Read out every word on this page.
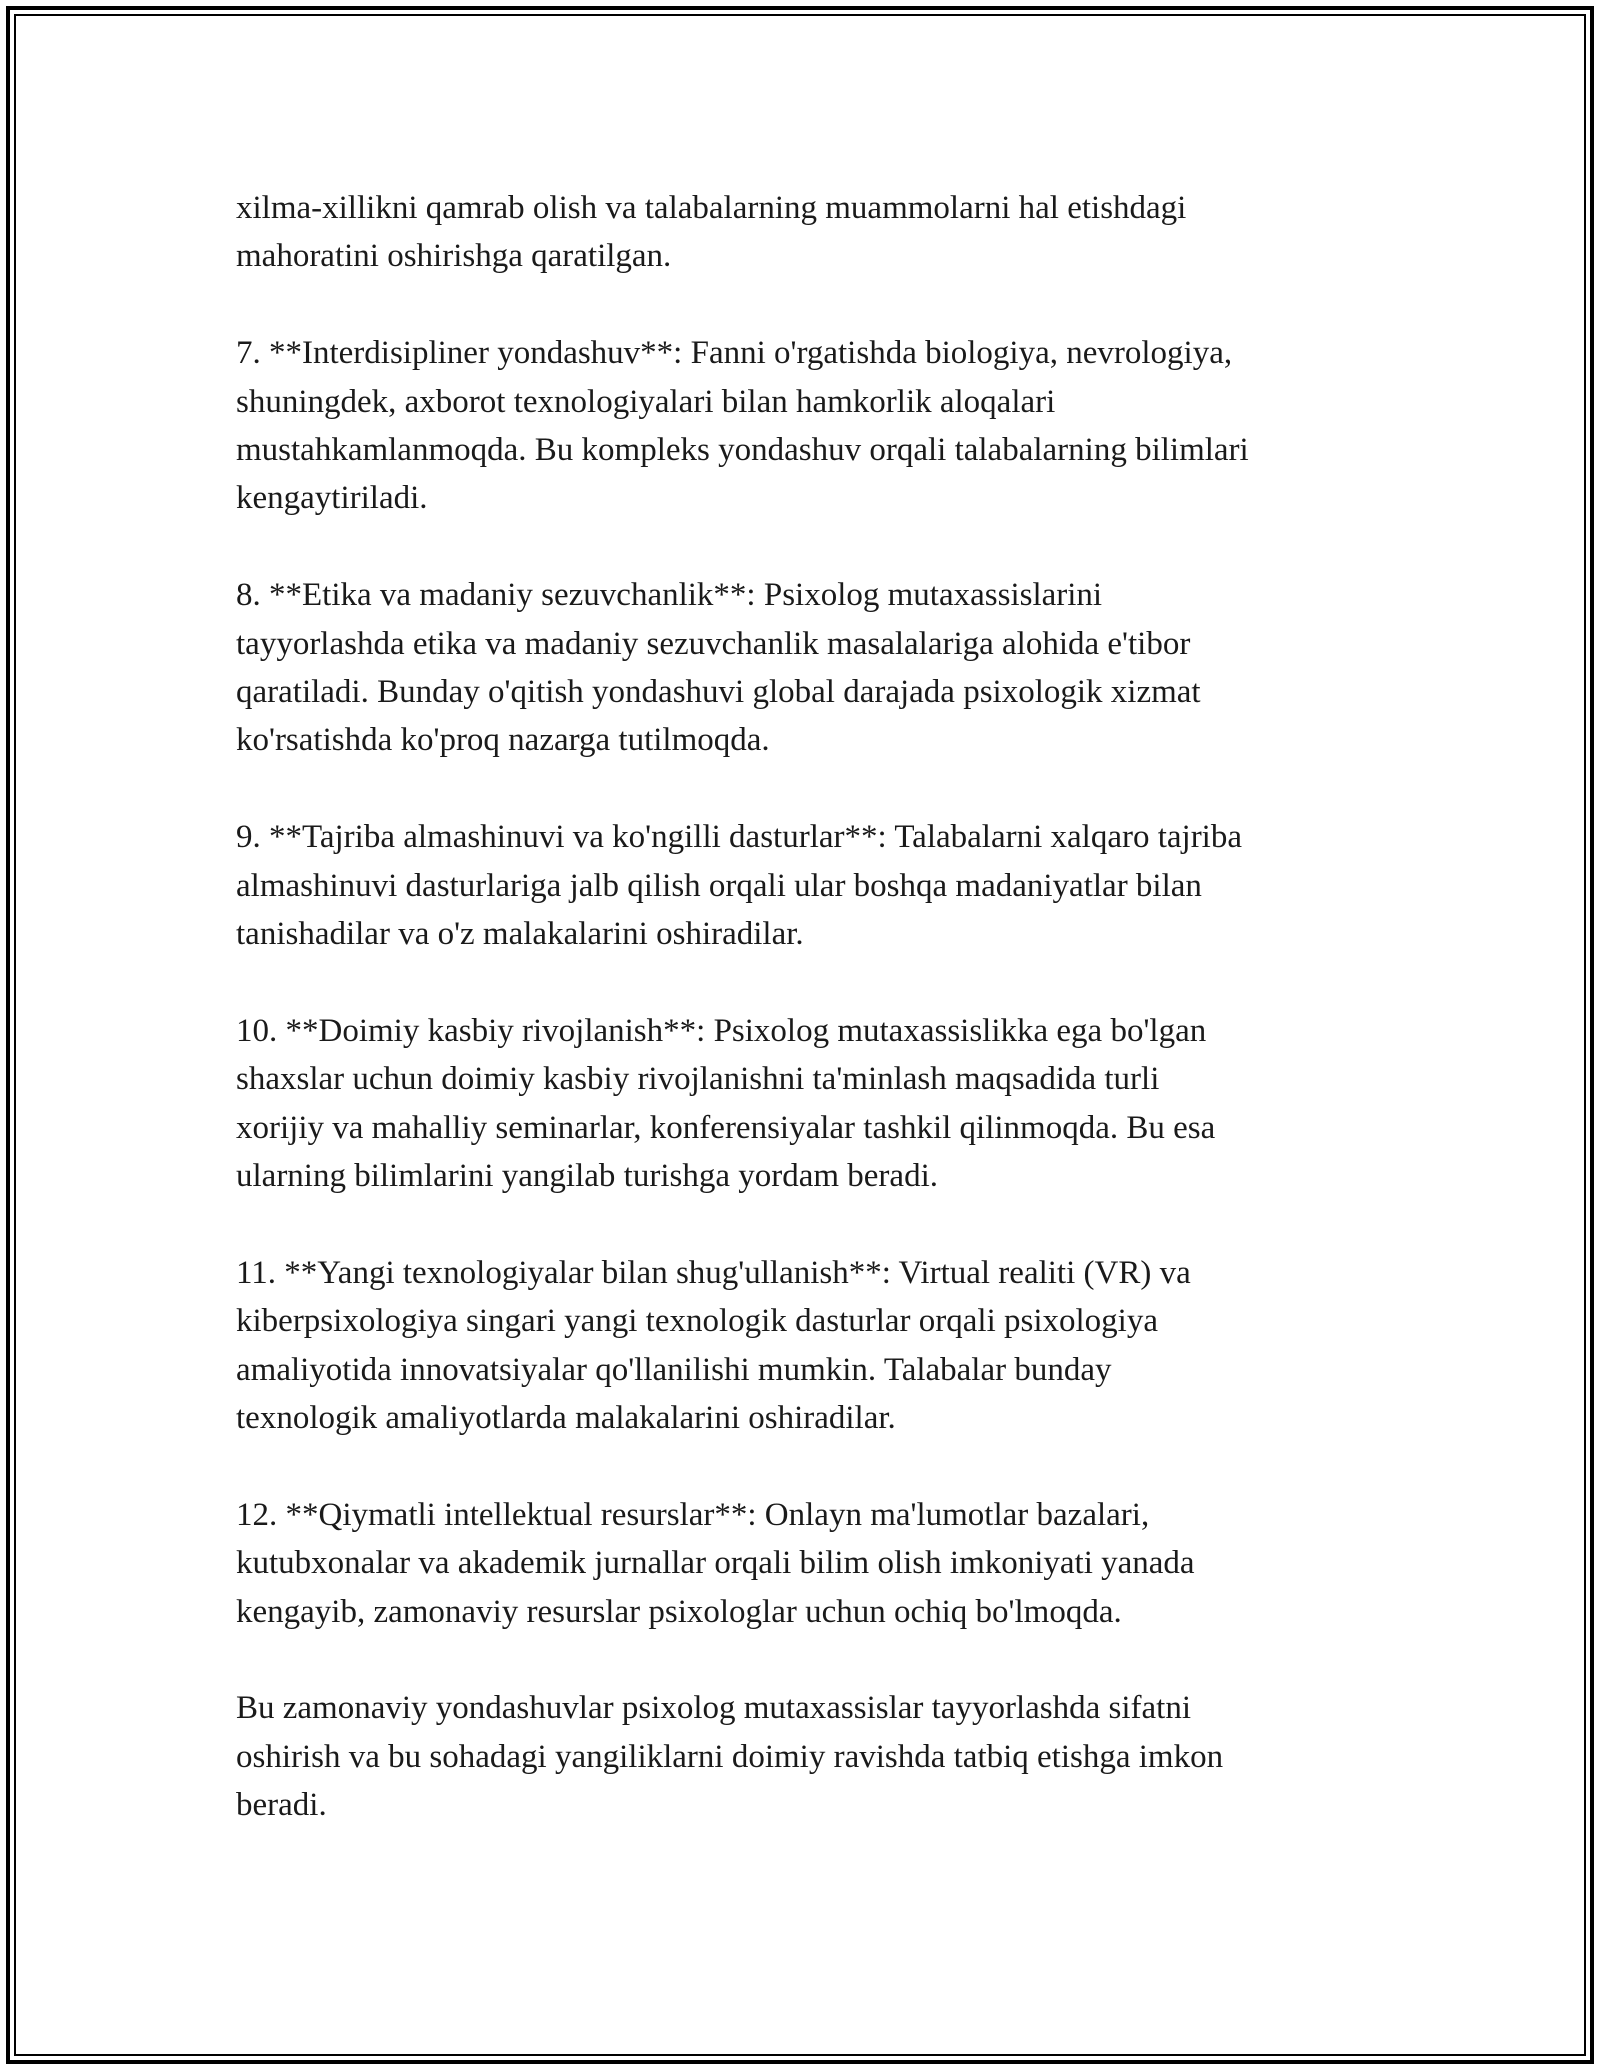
xilma-xillikni qamrab olish va talabalarning muammolarni hal etishdagi
mahoratini oshirishga qaratilgan.

7. **Interdisipliner yondashuv**: Fanni o'rgatishda biologiya, nevrologiya,
shuningdek, axborot texnologiyalari bilan hamkorlik aloqalari
mustahkamlanmoqda. Bu kompleks yondashuv orqali talabalarning bilimlari
kengaytiriladi.

8. **Etika va madaniy sezuvchanlik**: Psixolog mutaxassislarini
tayyorlashda etika va madaniy sezuvchanlik masalalariga alohida e'tibor
qaratiladi. Bunday o'qitish yondashuvi global darajada psixologik xizmat
ko'rsatishda ko'proq nazarga tutilmoqda.

9. **Tajriba almashinuvi va ko'ngilli dasturlar**: Talabalarni xalqaro tajriba
almashinuvi dasturlariga jalb qilish orqali ular boshqa madaniyatlar bilan
tanishadilar va o'z malakalarini oshiradilar.

10. **Doimiy kasbiy rivojlanish**: Psixolog mutaxassislikka ega bo'lgan
shaxslar uchun doimiy kasbiy rivojlanishni ta'minlash maqsadida turli
xorijiy va mahalliy seminarlar, konferensiyalar tashkil qilinmoqda. Bu esa
ularning bilimlarini yangilab turishga yordam beradi.

11. **Yangi texnologiyalar bilan shug'ullanish**: Virtual realiti (VR) va
kiberpsixologiya singari yangi texnologik dasturlar orqali psixologiya
amaliyotida innovatsiyalar qo'llanilishi mumkin. Talabalar bunday
texnologik amaliyotlarda malakalarini oshiradilar.

12. **Qiymatli intellektual resurslar**: Onlayn ma'lumotlar bazalari,
kutubxonalar va akademik jurnallar orqali bilim olish imkoniyati yanada
kengayib, zamonaviy resurslar psixologlar uchun ochiq bo'lmoqda.

Bu zamonaviy yondashuvlar psixolog mutaxassislar tayyorlashda sifatni
oshirish va bu sohadagi yangiliklarni doimiy ravishda tatbiq etishga imkon
beradi.
